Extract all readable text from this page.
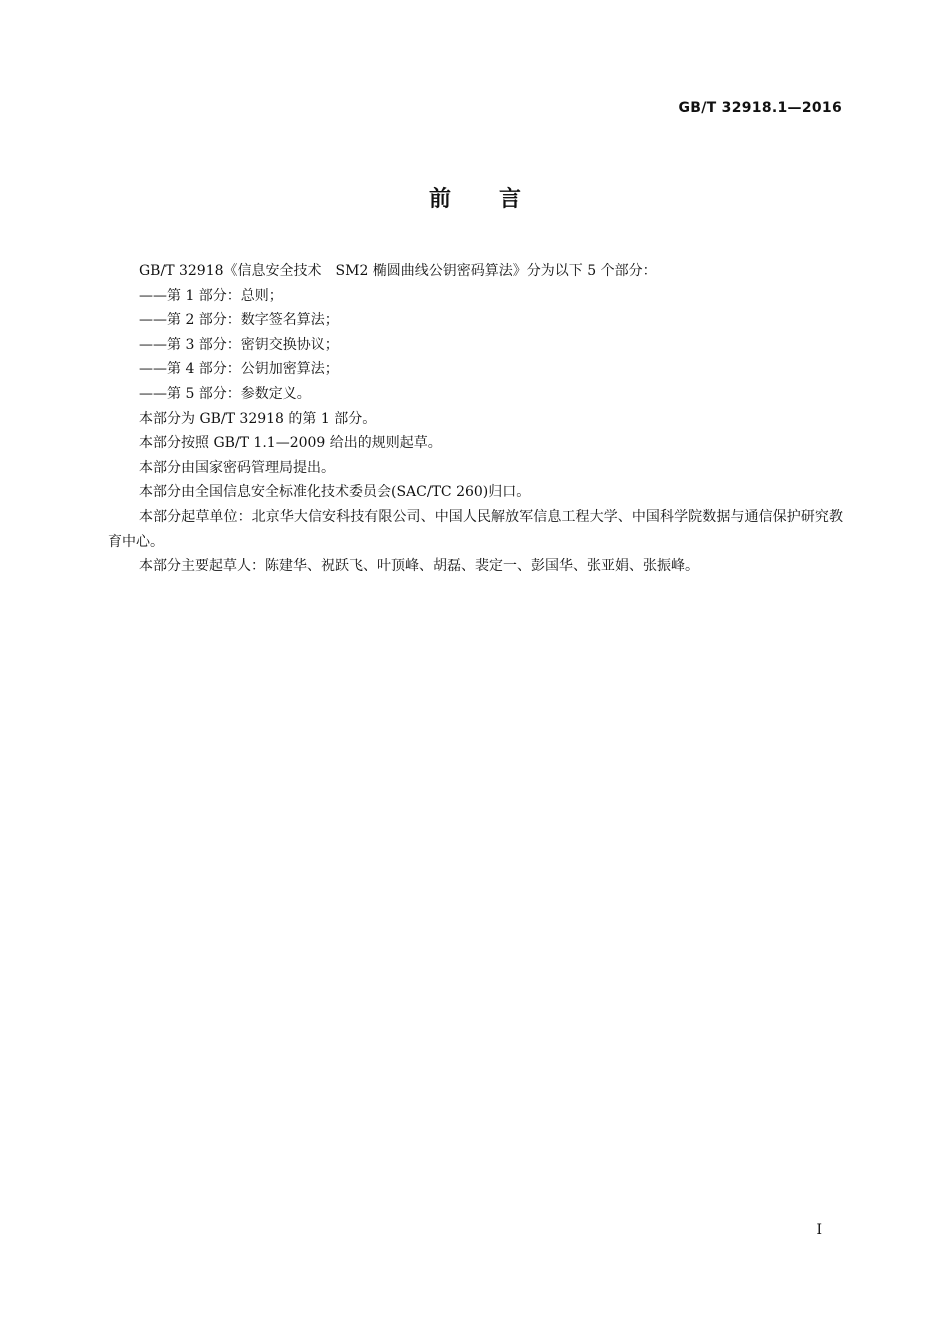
GB/T 32918.1—2016
前 言

GB/T 32918《信息安全技术　SM2 椭圆曲线公钥密码算法》分为以下 5 个部分：

——第 1 部分：总则；

——第 2 部分：数字签名算法；

——第 3 部分：密钥交换协议；

——第 4 部分：公钥加密算法；

——第 5 部分：参数定义。

本部分为 GB/T 32918 的第 1 部分。

本部分按照 GB/T 1.1—2009 给出的规则起草。

本部分由国家密码管理局提出。

本部分由全国信息安全标准化技术委员会(SAC/TC 260)归口。

本部分起草单位：北京华大信安科技有限公司、中国人民解放军信息工程大学、中国科学院数据与通信保护研究教育中心。

本部分主要起草人：陈建华、祝跃飞、叶顶峰、胡磊、裴定一、彭国华、张亚娟、张振峰。

I
